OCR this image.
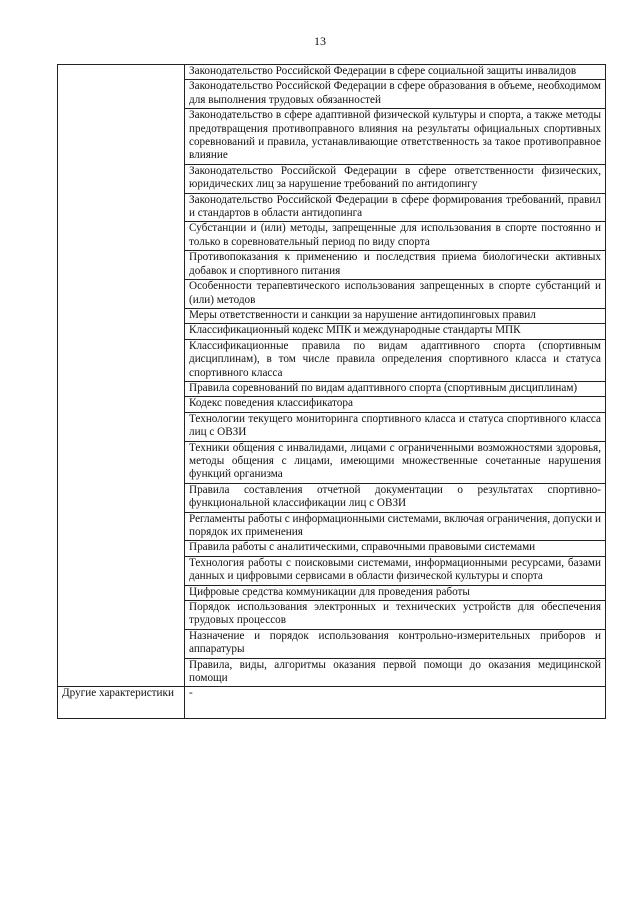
13
	Законодательство Российской Федерации в сфере социальной защиты инвалидов
	Законодательство Российской Федерации в сфере образования в объеме, необходимом для выполнения трудовых обязанностей
	Законодательство в сфере адаптивной физической культуры и спорта, а также методы предотвращения противоправного влияния на результаты официальных спортивных соревнований и правила, устанавливающие ответственность за такое противоправное влияние
	Законодательство Российской Федерации в сфере ответственности физических, юридических лиц за нарушение требований по антидопингу
	Законодательство Российской Федерации в сфере формирования требований, правил и стандартов в области антидопинга
	Субстанции и (или) методы, запрещенные для использования в спорте постоянно и только в соревновательный период по виду спорта
	Противопоказания к применению и последствия приема биологически активных добавок и спортивного питания
	Особенности терапевтического использования запрещенных в спорте субстанций и (или) методов
	Меры ответственности и санкции за нарушение антидопинговых правил
	Классификационный кодекс МПК и международные стандарты МПК
	Классификационные правила по видам адаптивного спорта (спортивным дисциплинам), в том числе правила определения спортивного класса и статуса спортивного класса
	Правила соревнований по видам адаптивного спорта (спортивным дисциплинам)
	Кодекс поведения классификатора
	Технологии текущего мониторинга спортивного класса и статуса спортивного класса лиц с ОВЗИ
	Техники общения с инвалидами, лицами с ограниченными возможностями здоровья, методы общения с лицами, имеющими множественные сочетанные нарушения функций организма
	Правила составления отчетной документации о результатах спортивно-функциональной классификации лиц с ОВЗИ
	Регламенты работы с информационными системами, включая ограничения, допуски и порядок их применения
	Правила работы с аналитическими, справочными правовыми системами
	Технология работы с поисковыми системами, информационными ресурсами, базами данных и цифровыми сервисами в области физической культуры и спорта
	Цифровые средства коммуникации для проведения работы
	Порядок использования электронных и технических устройств для обеспечения трудовых процессов
	Назначение и порядок использования контрольно-измерительных приборов и аппаратуры
	Правила, виды, алгоритмы оказания первой помощи до оказания медицинской помощи
Другие характеристики	-
